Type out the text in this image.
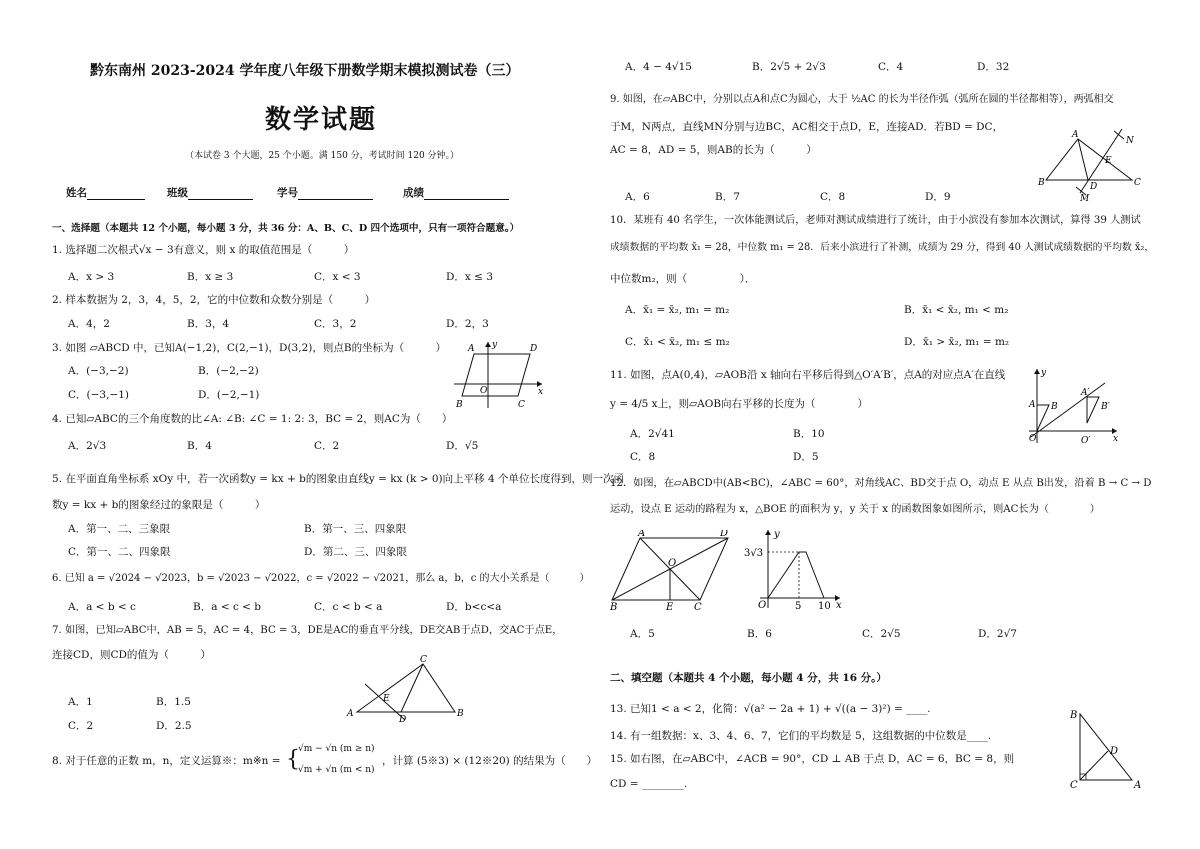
黔东南州 2023-2024 学年度八年级下册数学期末模拟测试卷（三）
数学试题
（本试卷 3 个大题，25 个小题。满 150 分，考试时间 120 分钟。）
姓名	班级	学号	成绩
一、选择题（本题共 12 个小题，每小题 3 分，共 36 分：A、B、C、D 四个选项中，只有一项符合题意。）
1. 选择题二次根式√x − 3有意义，则 x 的取值范围是（　　　）
A．x > 3	B．x ≥ 3	C．x < 3	D．x ≤ 3
2. 样本数据为 2，3，4，5，2，它的中位数和众数分别是（　　　）
A．4，2	B．3，4	C．3，2	D．2，3
3. 如图 ▱ABCD 中，已知A(−1,2)，C(2,−1)，D(3,2)，则点B的坐标为（　　　）
A．(−3,−2)	B．(−2,−2)
C．(−3,−1)	D．(−2,−1)
A	D
B	C
O
y
x
4. 已知▱ABC的三个角度数的比∠A: ∠B: ∠C = 1: 2: 3，BC = 2，则AC为（　　）
A．2√3	B．4	C．2	D．√5
5. 在平面直角坐标系 xOy 中，若一次函数y = kx + b的图象由直线y = kx (k > 0)向上平移 4 个单位长度得到，则一次函
数y = kx + b的图象经过的象限是（　　　）
A．第一、二、三象限	B．第一、三、四象限
C．第一、二、四象限	D．第二、三、四象限
6. 已知 a = √2024 − √2023，b = √2023 − √2022，c = √2022 − √2021，那么 a，b，c 的大小关系是（　　　）
A．a < b < c	B．a < c < b	C．c < b < a	D．b<c<a
7. 如图，已知▱ABC中，AB = 5，AC = 4，BC = 3，DE是AC的垂直平分线，DE交AB于点D，交AC于点E，
连接CD，则CD的值为（　　　）
A．1	B．1.5
C．2	D．2.5
A	B
C
D
E
8. 对于任意的正数 m，n，定义运算※：m※n = {
√m − √n (m ≥ n)
√m + √n (m < n)
，计算 (5※3) × (12※20) 的结果为（　　）
A．4 − 4√15	B．2√5 + 2√3	C．4	D．32
9. 如图，在▱ABC中，分别以点A和点C为圆心，大于 ½AC 的长为半径作弧（弧所在圆的半径都相等），两弧相交
于M，N两点，直线MN分别与边BC，AC相交于点D，E，连接AD．若BD = DC，
AC = 8，AD = 5，则AB的长为（　　　）
A．6	B．7	C．8	D．9
A
B	C
D
E
M
N
10．某班有 40 名学生，一次体能测试后，老师对测试成绩进行了统计，由于小滨没有参加本次测试，算得 39 人测试
成绩数据的平均数 x̄₁ = 28，中位数 m₁ = 28．后来小滨进行了补测，成绩为 29 分，得到 40 人测试成绩数据的平均数 x̄₂，
中位数m₂，则（　　　　　）．
A．x̄₁ = x̄₂, m₁ = m₂	B．x̄₁ < x̄₂, m₁ < m₂
C．x̄₁ < x̄₂, m₁ ≤ m₂	D．x̄₁ > x̄₂, m₁ = m₂
11. 如图，点A(0,4)，▱AOB沿 x 轴向右平移后得到△O′A′B′，点A的对应点A′在直线
y = 4/5 x上，则▱AOB向右平移的长度为（　　　　）
A．2√41	B．10
C．8	D．5
A B
A′
B′
O	O′
y
x
12．如图，在▱ABCD中(AB<BC)，∠ABC = 60°，对角线AC、BD交于点 O，动点 E 从点 B出发，沿着 B → C → D
运动，设点 E 运动的路程为 x，△BOE 的面积为 y，y 关于 x 的函数图象如图所示，则AC长为（　　　　）
A	D
B	C
E
O
y
x
O
3√3
5 10
A．5	B．6	C．2√5	D．2√7
二、填空题（本题共 4 个小题，每小题 4 分，共 16 分。）
13. 已知1 < a < 2，化简：√(a² − 2a + 1) + √((a − 3)²) = ____.
14. 有一组数据：x、3、4、6、7，它们的平均数是 5，这组数据的中位数是____.
15. 如右图，在▱ABC中，∠ACB = 90°，CD ⊥ AB 于点 D，AC = 6，BC = 8，则
CD = ________.
B
C	A
D
